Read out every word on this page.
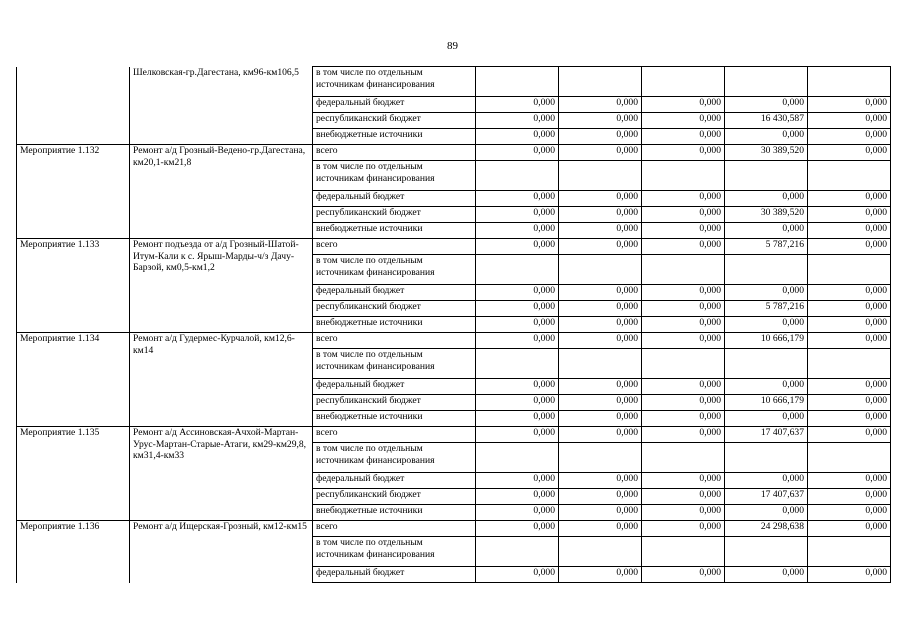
89
	Шелковская-гр.Дагестана, км96-км106,5	в том числе по отдельным источникам финансирования					
		федеральный бюджет	0,000	0,000	0,000	0,000	0,000
		республиканский бюджет	0,000	0,000	0,000	16 430,587	0,000
		внебюджетные источники	0,000	0,000	0,000	0,000	0,000
Мероприятие 1.132	Ремонт а/д Грозный-Ведено-гр.Дагестана, км20,1-км21,8	всего	0,000	0,000	0,000	30 389,520	0,000
		в том числе по отдельным источникам финансирования					
		федеральный бюджет	0,000	0,000	0,000	0,000	0,000
		республиканский бюджет	0,000	0,000	0,000	30 389,520	0,000
		внебюджетные источники	0,000	0,000	0,000	0,000	0,000
Мероприятие 1.133	Ремонт подъезда от а/д Грозный-Шатой-Итум-Кали к с. Ярыш-Марды-ч/з Дачу-Барзой, км0,5-км1,2	всего	0,000	0,000	0,000	5 787,216	0,000
		в том числе по отдельным источникам финансирования					
		федеральный бюджет	0,000	0,000	0,000	0,000	0,000
		республиканский бюджет	0,000	0,000	0,000	5 787,216	0,000
		внебюджетные источники	0,000	0,000	0,000	0,000	0,000
Мероприятие 1.134	Ремонт а/д Гудермес-Курчалой, км12,6-км14	всего	0,000	0,000	0,000	10 666,179	0,000
		в том числе по отдельным источникам финансирования					
		федеральный бюджет	0,000	0,000	0,000	0,000	0,000
		республиканский бюджет	0,000	0,000	0,000	10 666,179	0,000
		внебюджетные источники	0,000	0,000	0,000	0,000	0,000
Мероприятие 1.135	Ремонт а/д Ассиновская-Ачхой-Мартан-Урус-Мартан-Старые-Атаги, км29-км29,8, км31,4-км33	всего	0,000	0,000	0,000	17 407,637	0,000
		в том числе по отдельным источникам финансирования					
		федеральный бюджет	0,000	0,000	0,000	0,000	0,000
		республиканский бюджет	0,000	0,000	0,000	17 407,637	0,000
		внебюджетные источники	0,000	0,000	0,000	0,000	0,000
Мероприятие 1.136	Ремонт а/д Ищерская-Грозный, км12-км15	всего	0,000	0,000	0,000	24 298,638	0,000
		в том числе по отдельным источникам финансирования					
		федеральный бюджет	0,000	0,000	0,000	0,000	0,000
